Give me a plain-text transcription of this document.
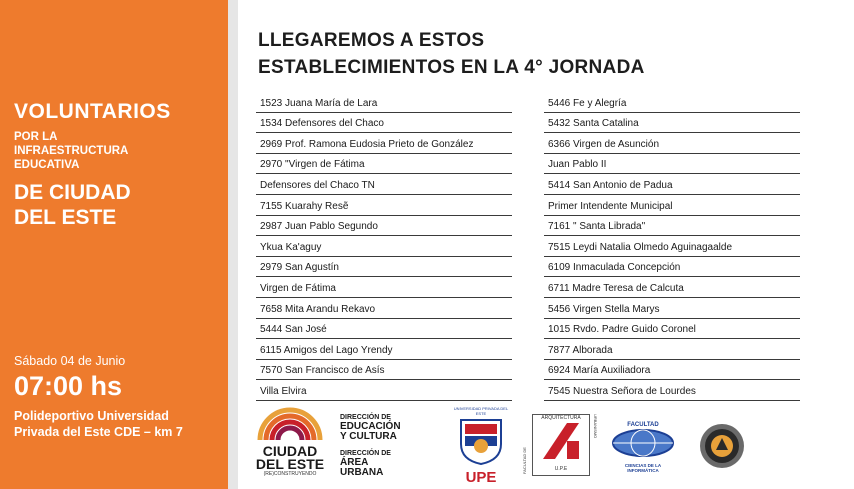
VOLUNTARIOS
POR LA
INFRAESTRUCTURA
EDUCATIVA
DE CIUDAD
DEL ESTE
Sábado 04 de Junio
07:00 hs
Polideportivo Universidad
Privada del Este CDE – km 7
LLEGAREMOS A ESTOS
ESTABLECIMIENTOS EN LA 4° JORNADA
1523 Juana María de Lara
1534 Defensores del Chaco
2969 Prof. Ramona Eudosia Prieto de González
2970 "Virgen de Fátima
Defensores del Chaco TN
7155 Kuarahy Resẽ
2987 Juan Pablo Segundo
Ykua Ka'aguy
2979 San Agustín
Virgen de Fátima
7658 Mita Arandu Rekavo
5444 San José
6115 Amigos del Lago Yrendy
7570 San Francisco de Asís
Villa Elvira
5446 Fe y Alegría
5432 Santa Catalina
6366 Virgen de Asunción
Juan Pablo II
5414 San Antonio de Padua
Primer Intendente Municipal
7161 " Santa Librada"
7515 Leydi Natalia Olmedo Aguinagaalde
6109 Inmaculada Concepción
6711 Madre Teresa de Calcuta
5456 Virgen Stella Marys
1015 Rvdo. Padre Guido Coronel
7877 Alborada
6924 María Auxiliadora
7545 Nuestra Señora de Lourdes
CIUDAD
DEL ESTE
(RE)CONSTRUYENDO
DIRECCIÓN DE
EDUCACIÓN
Y CULTURA
DIRECCIÓN DE
ÁREA
URBANA
UNIVERSIDAD PRIVADA DEL ESTE
UPE
ARQUITECTURA
U.P.E
FACULTAD DE
URBANISMO	FACULTAD
CIENCIAS DE LA INFORMÁTICA
